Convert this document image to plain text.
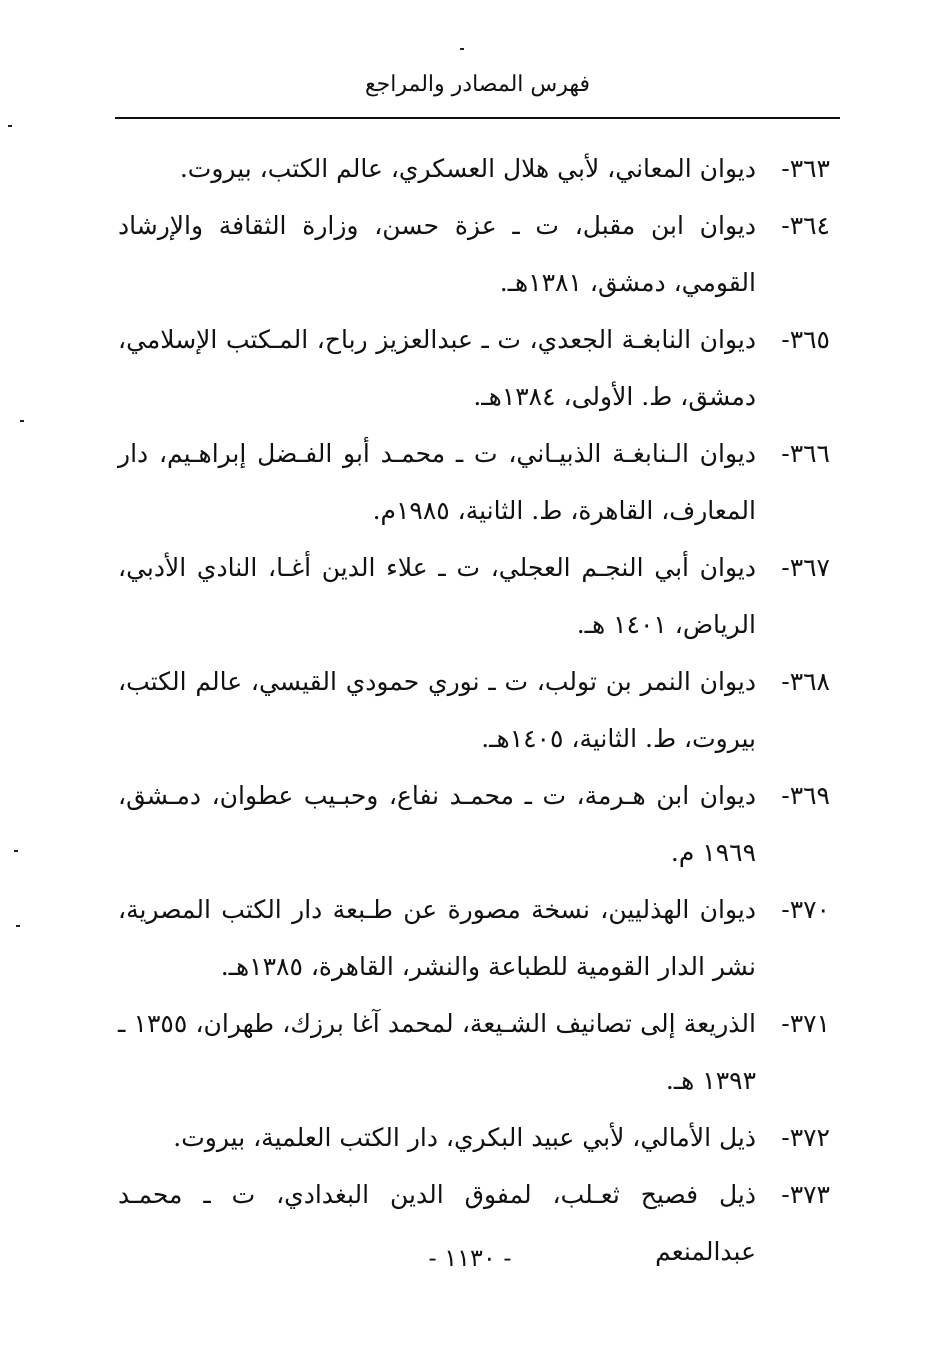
فهرس المصادر والمراجع
٣٦٣-ديوان المعاني، لأبي هلال العسكري، عالم الكتب، بيروت.
٣٦٤-ديوان ابن مقبل، ت ـ عزة حسن، وزارة الثقافة والإرشاد القومي، دمشق، ١٣٨١هـ.
٣٦٥-ديوان النابغـة الجعدي، ت ـ عبدالعزيز رباح، المـكتب الإسلامي، دمشق، ط. الأولى، ١٣٨٤هـ.
٣٦٦-ديوان الـنابغـة الذبيـاني، ت ـ محمـد أبو الفـضل إبراهـيم، دار المعارف، القاهرة، ط. الثانية، ١٩٨٥م.
٣٦٧-ديوان أبي النجـم العجلي، ت ـ علاء الدين أغـا، النادي الأدبي، الرياض، ١٤٠١ هـ.
٣٦٨-ديوان النمر بن تولب، ت ـ نوري حمودي القيسي، عالم الكتب، بيروت، ط. الثانية، ١٤٠٥هـ.
٣٦٩-ديوان ابن هـرمة، ت ـ محمـد نفاع، وحبـيب عطوان، دمـشق، ١٩٦٩ م.
٣٧٠-ديوان الهذليين، نسخة مصورة عن طـبعة دار الكتب المصرية، نشر الدار القومية للطباعة والنشر، القاهرة، ١٣٨٥هـ.
٣٧١-الذريعة إلى تصانيف الشـيعة، لمحمد آغا برزك، طهران، ١٣٥٥ ـ ١٣٩٣ هـ.
٣٧٢-ذيل الأمالي، لأبي عبيد البكري، دار الكتب العلمية، بيروت.
٣٧٣-ذيل فصيح ثعـلب، لمفوق الدين البغدادي، ت ـ محمـد عبدالمنعم
- ١١٣٠ -
